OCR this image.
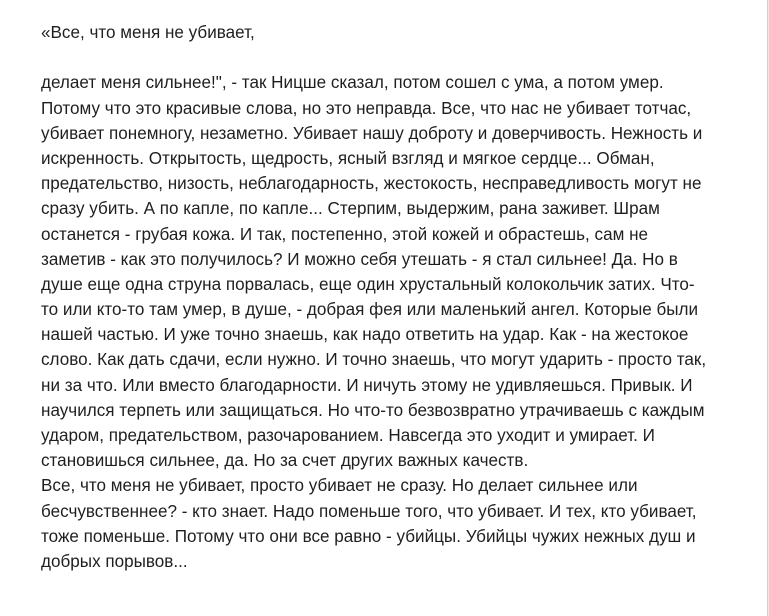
«Все, что меня не убивает,
делает меня сильнее!", - так Ницше сказал, потом сошел с ума, а потом умер.
Потому что это красивые слова, но это неправда. Все, что нас не убивает тотчас,
убивает понемногу, незаметно. Убивает нашу доброту и доверчивость. Нежность и
искренность. Открытость, щедрость, ясный взгляд и мягкое сердце... Обман,
предательство, низость, неблагодарность, жестокость, несправедливость могут не
сразу убить. А по капле, по капле... Стерпим, выдержим, рана заживет. Шрам
останется - грубая кожа. И так, постепенно, этой кожей и обрастешь, сам не
заметив - как это получилось? И можно себя утешать - я стал сильнее! Да. Но в
душе еще одна струна порвалась, еще один хрустальный колокольчик затих. Что-
то или кто-то там умер, в душе, - добрая фея или маленький ангел. Которые были
нашей частью. И уже точно знаешь, как надо ответить на удар. Как - на жестокое
слово. Как дать сдачи, если нужно. И точно знаешь, что могут ударить - просто так,
ни за что. Или вместо благодарности. И ничуть этому не удивляешься. Привык. И
научился терпеть или защищаться. Но что-то безвозвратно утрачиваешь с каждым
ударом, предательством, разочарованием. Навсегда это уходит и умирает. И
становишься сильнее, да. Но за счет других важных качеств.
Все, что меня не убивает, просто убивает не сразу. Но делает сильнее или
бесчувственнее? - кто знает. Надо поменьше того, что убивает. И тех, кто убивает,
тоже поменьше. Потому что они все равно - убийцы. Убийцы чужих нежных душ и
добрых порывов...
